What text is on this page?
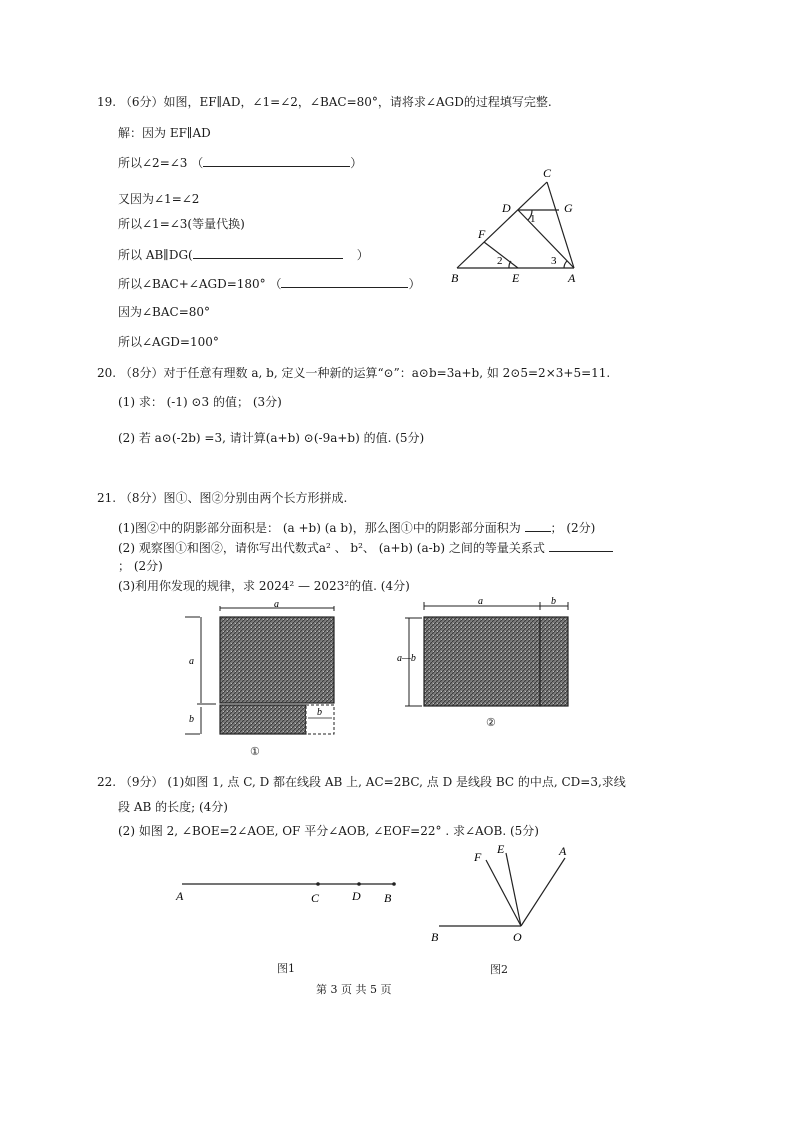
19. （6分）如图，EF∥AD，∠1=∠2，∠BAC=80°，请将求∠AGD的过程填写完整.
解：因为 EF∥AD
所以∠2=∠3 （	）
又因为∠1=∠2
所以∠1=∠3(等量代换)
所以 AB∥DG(	）
所以∠BAC+∠AGD=180° （	）
因为∠BAC=80°
所以∠AGD=100°
C
D	G
F
B	E	A
1
2	3
20. （8分）对于任意有理数 a, b, 定义一种新的运算“⊙”：a⊙b=3a+b, 如 2⊙5=2×3+5=11.
(1) 求： (-1) ⊙3 的值； (3分)
(2) 若 a⊙(-2b) =3, 请计算(a+b) ⊙(-9a+b) 的值. (5分)
21. （8分）图①、图②分别由两个长方形拼成.
(1)图②中的阴影部分面积是： (a +b) (a b)，那么图①中的阴影部分面积为 ； (2分)
(2) 观察图①和图②，请你写出代数式a² 、 b²、 (a+b) (a-b) 之间的等量关系式
； (2分)
(3)利用你发现的规律，求 2024² — 2023²的值. (4分)
a
a
b
b
①
a	b
a—b
②
22. （9分） (1)如图 1, 点 C, D 都在线段 AB 上, AC=2BC, 点 D 是线段 BC 的中点, CD=3,求线
段 AB 的长度; (4分)
(2) 如图 2, ∠BOE=2∠AOE, OF 平分∠AOB, ∠EOF=22° . 求∠AOB. (5分)
A	C	D B
图1
F
E	A
B	O
图2
第 3 页 共 5 页
